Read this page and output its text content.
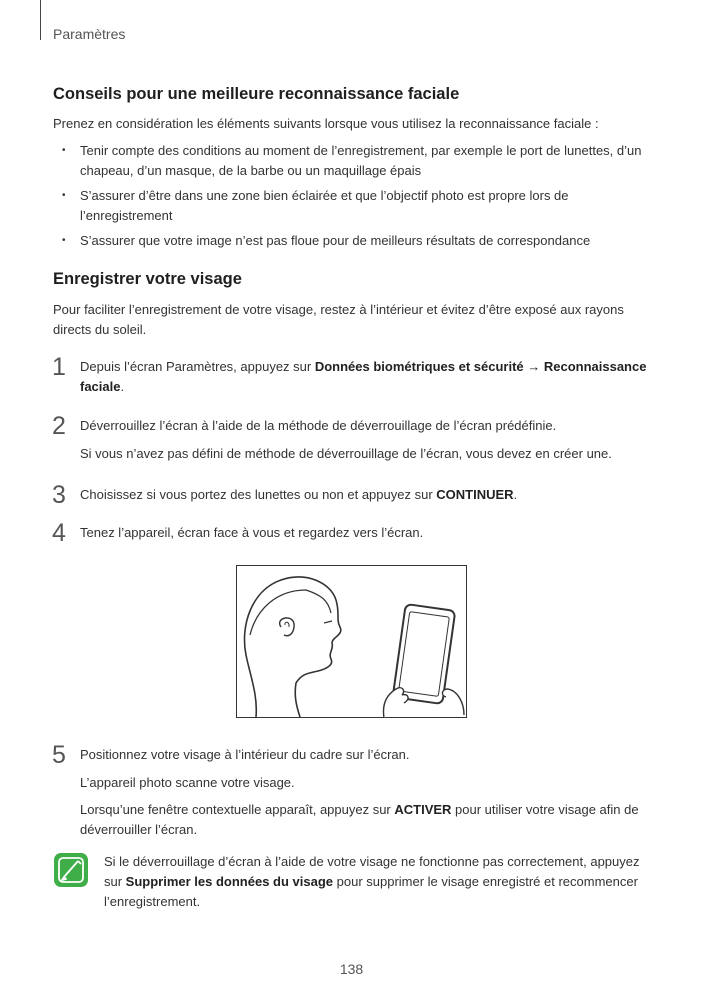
Paramètres
Conseils pour une meilleure reconnaissance faciale
Prenez en considération les éléments suivants lorsque vous utilisez la reconnaissance faciale :
• Tenir compte des conditions au moment de l’enregistrement, par exemple le port de lunettes, d’un chapeau, d’un masque, de la barbe ou un maquillage épais
• S’assurer d’être dans une zone bien éclairée et que l’objectif photo est propre lors de l’enregistrement
• S’assurer que votre image n’est pas floue pour de meilleurs résultats de correspondance
Enregistrer votre visage
Pour faciliter l’enregistrement de votre visage, restez à l’intérieur et évitez d’être exposé aux rayons directs du soleil.
1 Depuis l’écran Paramètres, appuyez sur Données biométriques et sécurité → Reconnaissance faciale.
2 Déverrouillez l’écran à l’aide de la méthode de déverrouillage de l’écran prédéfinie.
Si vous n’avez pas défini de méthode de déverrouillage de l’écran, vous devez en créer une.
3 Choisissez si vous portez des lunettes ou non et appuyez sur CONTINUER.
4 Tenez l’appareil, écran face à vous et regardez vers l’écran.
5 Positionnez votre visage à l’intérieur du cadre sur l’écran.
L’appareil photo scanne votre visage.
Lorsqu’une fenêtre contextuelle apparaît, appuyez sur ACTIVER pour utiliser votre visage afin de déverrouiller l’écran.
Si le déverrouillage d’écran à l’aide de votre visage ne fonctionne pas correctement, appuyez sur Supprimer les données du visage pour supprimer le visage enregistré et recommencer l’enregistrement.
138
